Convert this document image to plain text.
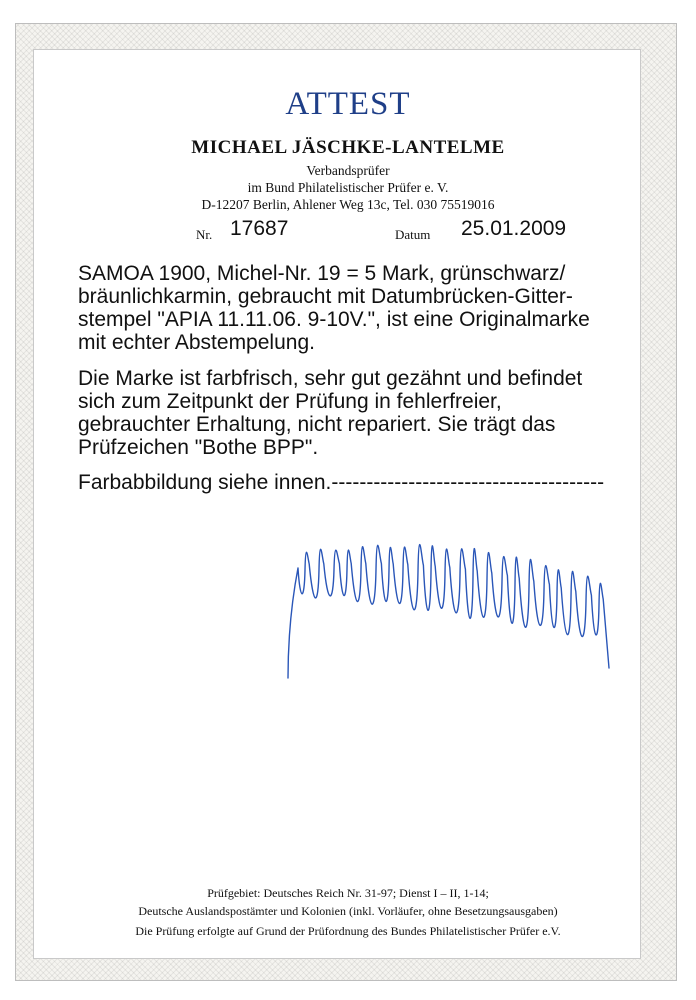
ATTEST
MICHAEL JÄSCHKE-LANTELME
Verbandsprüfer
im Bund Philatelistischer Prüfer e. V.
D-12207 Berlin, Ahlener Weg 13c, Tel. 030 75519016
Nr. 17687	Datum 25.01.2009

SAMOA 1900, Michel-Nr. 19 = 5 Mark, grünschwarz/

bräunlichkarmin, gebraucht mit Datumbrücken-Gitter-

stempel "APIA 11.11.06. 9-10V.", ist eine Originalmarke

mit echter Abstempelung.

Die Marke ist farbfrisch, sehr gut gezähnt und befindet

sich zum Zeitpunkt der Prüfung in fehlerfreier,

gebrauchter Erhaltung, nicht repariert. Sie trägt das

Prüfzeichen "Bothe BPP".

Farbabbildung siehe innen.---------------------------------------
Prüfgebiet: Deutsches Reich Nr. 31-97; Dienst I – II, 1-14;
Deutsche Auslandspostämter und Kolonien (inkl. Vorläufer, ohne Besetzungsausgaben)
Die Prüfung erfolgte auf Grund der Prüfordnung des Bundes Philatelistischer Prüfer e.V.
